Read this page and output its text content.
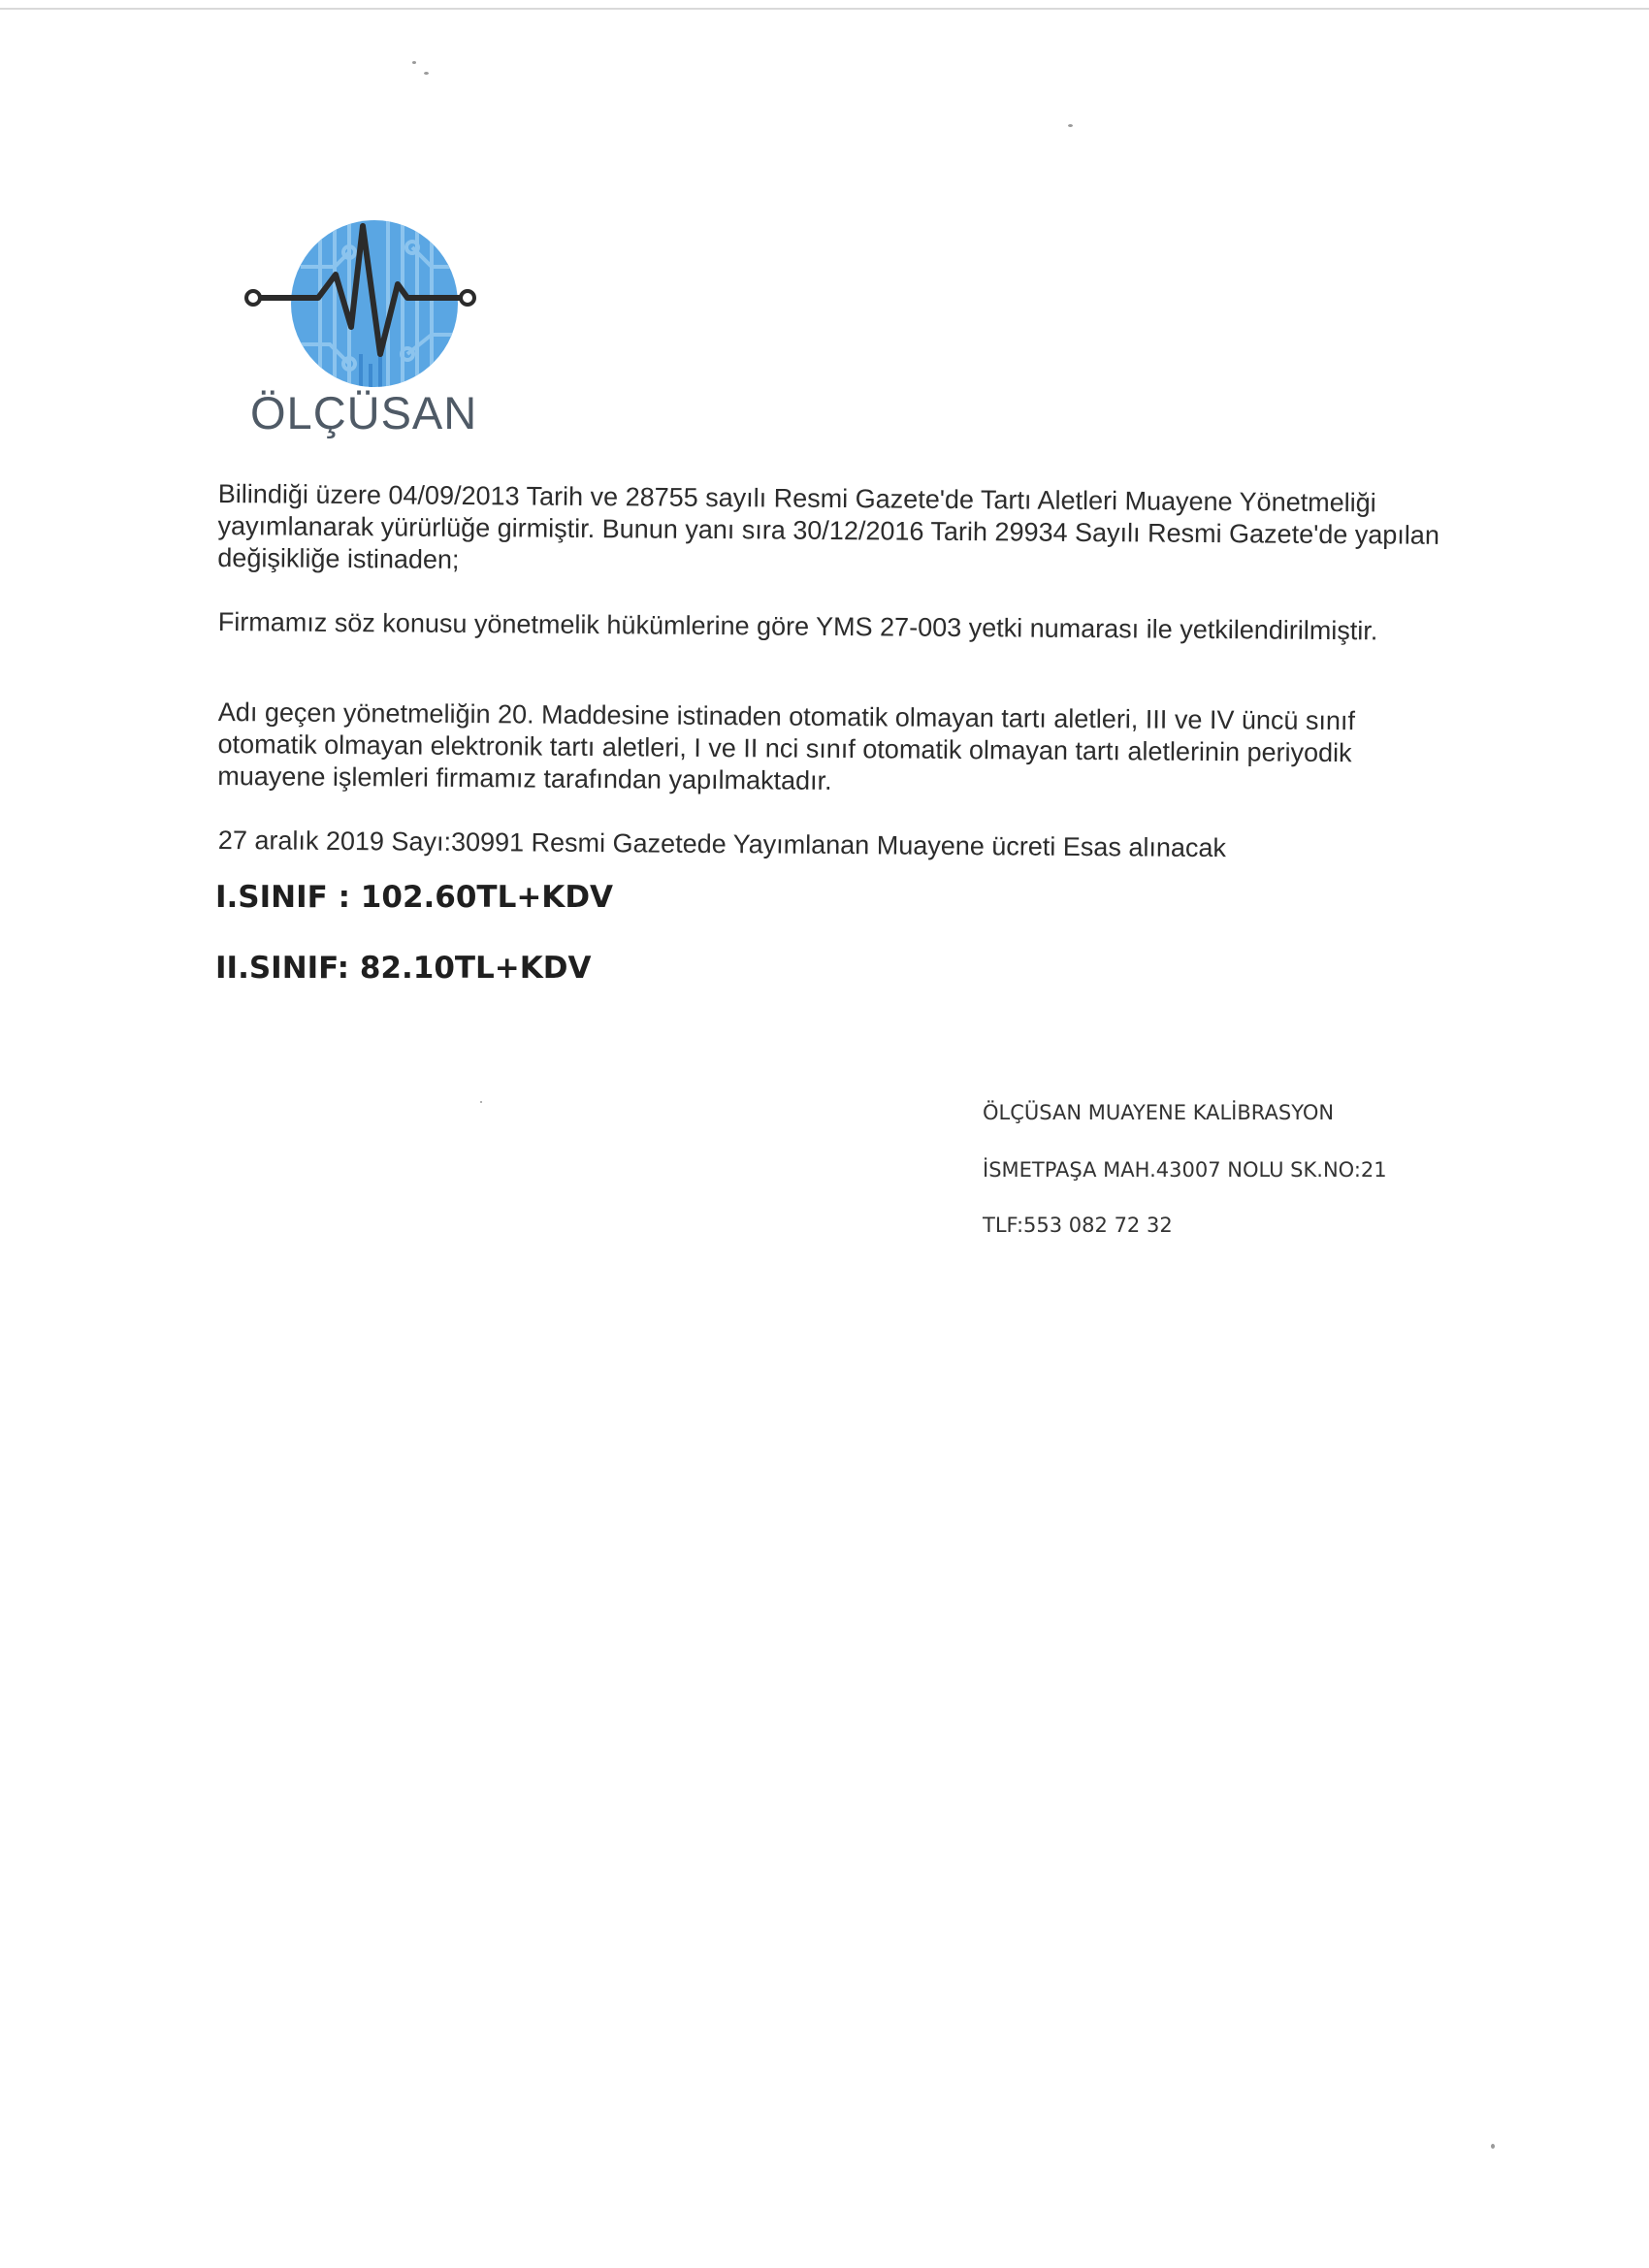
ÖLÇÜSAN
Bilindiği üzere 04/09/2013 Tarih ve 28755 sayılı Resmi Gazete'de Tartı Aletleri Muayene Yönetmeliği yayımlanarak yürürlüğe girmiştir. Bunun yanı sıra 30/12/2016 Tarih 29934 Sayılı Resmi Gazete'de yapılan değişikliğe istinaden;
Firmamız söz konusu yönetmelik hükümlerine göre YMS 27-003 yetki numarası ile yetkilendirilmiştir.
Adı geçen yönetmeliğin 20. Maddesine istinaden otomatik olmayan tartı aletleri, III ve IV üncü sınıf otomatik olmayan elektronik tartı aletleri, I ve II nci sınıf otomatik olmayan tartı aletlerinin periyodik muayene işlemleri firmamız tarafından yapılmaktadır.
27 aralık 2019 Sayı:30991 Resmi Gazetede Yayımlanan Muayene ücreti Esas alınacak
I.SINIF : 102.60TL+KDV
II.SINIF: 82.10TL+KDV
ÖLÇÜSAN MUAYENE KALİBRASYON
İSMETPAŞA MAH.43007 NOLU SK.NO:21
TLF:553 082 72 32
